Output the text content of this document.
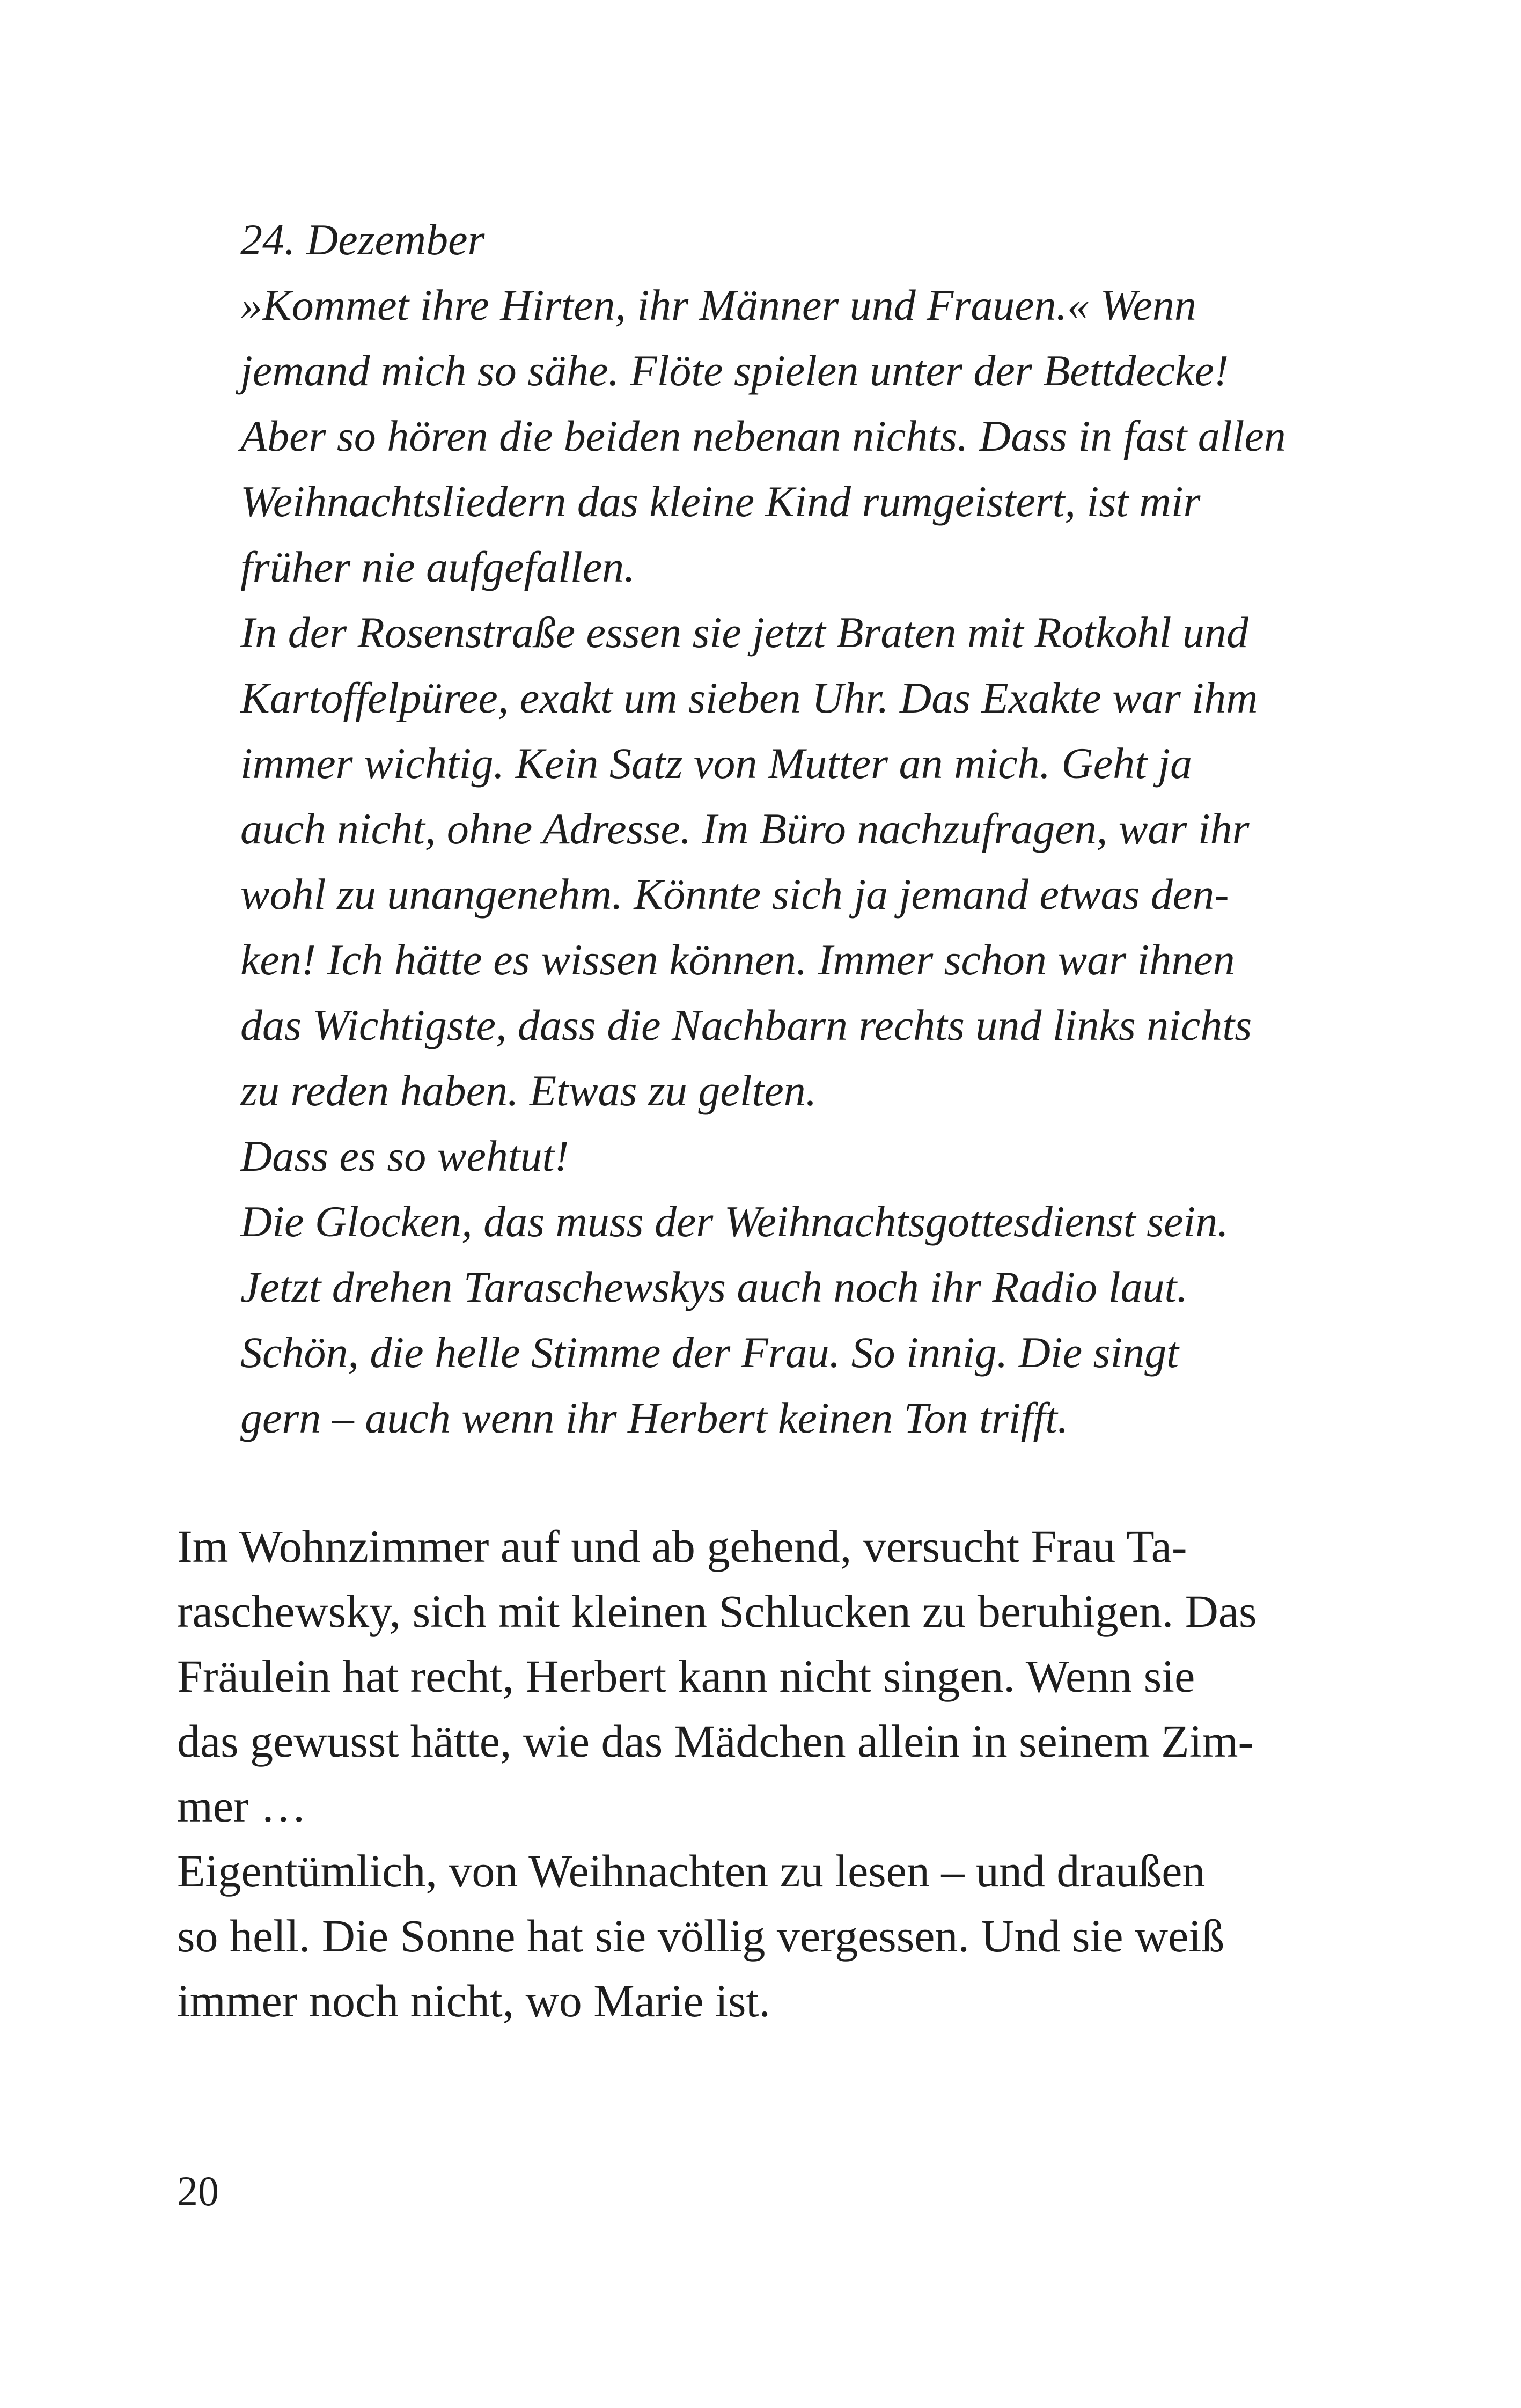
24. Dezember
»Kommet ihre Hirten, ihr Männer und Frauen.« Wenn
jemand mich so sähe. Flöte spielen unter der Bettdecke!
Aber so hören die beiden nebenan nichts. Dass in fast allen
Weihnachtsliedern das kleine Kind rumgeistert, ist mir
früher nie aufgefallen.
In der Rosenstraße essen sie jetzt Braten mit Rotkohl und
Kartoffelpüree, exakt um sieben Uhr. Das Exakte war ihm
immer wichtig. Kein Satz von Mutter an mich. Geht ja
auch nicht, ohne Adresse. Im Büro nachzufragen, war ihr
wohl zu unangenehm. Könnte sich ja jemand etwas den-
ken! Ich hätte es wissen können. Immer schon war ihnen
das Wichtigste, dass die Nachbarn rechts und links nichts
zu reden haben. Etwas zu gelten.
Dass es so wehtut!
Die Glocken, das muss der Weihnachtsgottesdienst sein.
Jetzt drehen Taraschewskys auch noch ihr Radio laut.
Schön, die helle Stimme der Frau. So innig. Die singt
gern – auch wenn ihr Herbert keinen Ton trifft.
Im Wohnzimmer auf und ab gehend, versucht Frau Ta-
raschewsky, sich mit kleinen Schlucken zu beruhigen. Das
Fräulein hat recht, Herbert kann nicht singen. Wenn sie
das gewusst hätte, wie das Mädchen allein in seinem Zim-
mer …
Eigentümlich, von Weihnachten zu lesen – und draußen
so hell. Die Sonne hat sie völlig vergessen. Und sie weiß
immer noch nicht, wo Marie ist.
20
